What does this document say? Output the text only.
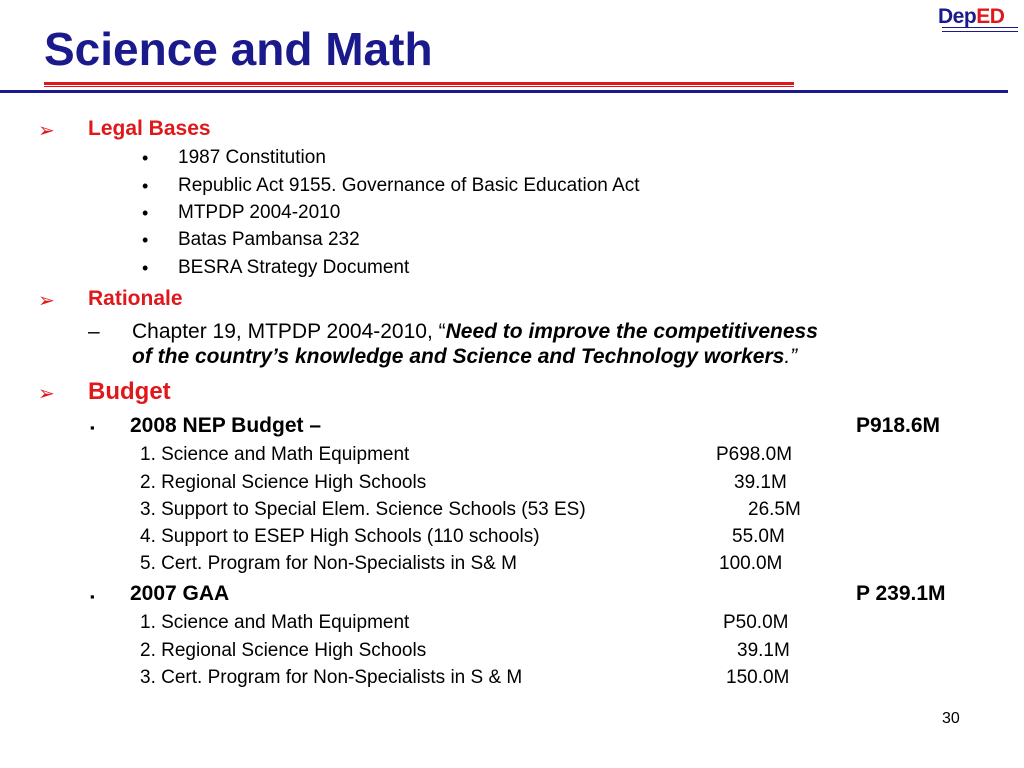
Science and Math
DepED
➢ Legal Bases
• 1987 Constitution
• Republic Act 9155. Governance of Basic Education Act
• MTPDP 2004-2010
• Batas Pambansa 232
• BESRA Strategy Document
➢ Rationale
– Chapter 19, MTPDP 2004-2010, “Need to improve the competitiveness
of the country’s knowledge and Science and Technology workers.”
➢ Budget
▪ 2008 NEP Budget –	P918.6M
1. Science and Math Equipment	P698.0M
2. Regional Science High Schools	39.1M
3. Support to Special Elem. Science Schools (53 ES)	26.5M
4. Support to ESEP High Schools (110 schools)	55.0M
5. Cert. Program for Non-Specialists in S& M	100.0M
▪ 2007 GAA	P 239.1M
1. Science and Math Equipment	P50.0M
2. Regional Science High Schools	39.1M
3. Cert. Program for Non-Specialists in S & M	150.0M
30
